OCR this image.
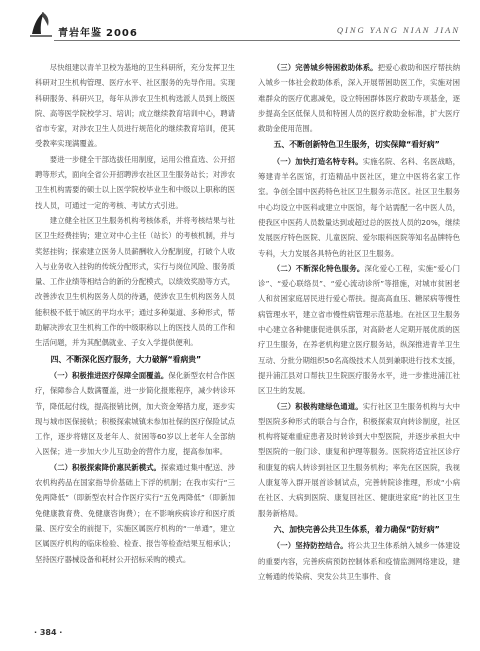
青岩年鉴 2006	QING YANG NIAN JIAN

尽快组建以青羊卫校为基地的卫生科研所，充分发挥卫生科研对卫生机构管理、医疗水平、社区服务的先导作用。实现科研服务、科研兴卫，每年从涉农卫生机构选派人员到上级医院、高等医学院校学习、培训；成立继续教育培训中心，聘请省市专家，对涉农卫生人员进行规范化的继续教育培训，使其受教率实现满覆盖。

要进一步健全干部选拔任用制度，运用公推直选、公开招聘等形式，面向全省公开招聘涉农社区卫生服务站长；对涉农卫生机构需要的硕士以上医学院校毕业生和中级以上职称的医技人员，可通过一定的考核、考试方式引进。

建立健全社区卫生服务机构考核体系，并将考核结果与社区卫生经费挂钩；建立对中心主任（站长）的考核机制，并与奖惩挂钩；探索建立医务人员薪酬收入分配制度，打破个人收入与业务收入挂钩的传统分配形式，实行与岗位风险、服务质量、工作业绩等相结合的新的分配模式，以绩效奖励等方式，改善涉农卫生机构医务人员的待遇，使涉农卫生机构医务人员能积极不低于城区的平均水平；通过多种渠道、多种形式，帮助解决涉农卫生机构工作的中级职称以上的医技人员的工作和生活问题，并为其配偶就业、子女入学提供便利。

四、不断深化医疗服务，大力破解“看病贵”

（一）积极推进医疗保障全面覆盖。保化新型农村合作医疗，保障参合人数满覆盖，进一步简化报账程序，减少转诊环节，降低起付线，提高报销比例，加大资金筹措力度，逐步实现与城市医保接轨；积极探索城镇未参加社保的医疗保险试点工作，逐步将辖区及老年人、贫困等60岁以上老年人全部纳入医保；进一步加大少儿互助金的营作力度，提高参加率。

（二）积极探索降价惠民新模式。探索通过集中配送、涉农机构药品在国家指导价基础上下浮的机制；在我市实行“三免两降低”（即新型农村合作医疗实行“五免两降低”（即新加免健康教育费、免健康咨询费）；在不影响疾病诊疗和医疗质量、医疗安全的前提下，实施区属医疗机构的“一单通”，建立区属医疗机构的临床检验、检查、报告等检查结果互相承认；坚持医疗器械设备和耗材公开招标采购的模式。

（三）完善城乡特困救助体系。把爱心救助和医疗帮扶纳入城乡一体社会救助体系，深入开展帮困助医工作，实施对困难群众的医疗优惠减免，设立特困群体医疗救助专项基金，逐步提高全区低保人员和特困人员的医疗救助金标准，扩大医疗救助金使用范围。

五、不断创新特色卫生服务，切实保障“看好病”

（一）加快打造名特专科。实施名院、名科、名医战略，筹建青羊名医馆，打造精品中医社区，建立中医将名家工作室。争创全国中医药特色社区卫生服务示范区。社区卫生服务中心均设立中医科或建立中医馆，每个站需配一名中医人员，使我区中医药人员数量达到或超过总的医技人员的20%，继续发展医疗特色医院、儿童医院、爱尔眼科医院等知名品牌特色专科，大力发展各具特色的社区卫生服务。

（二）不断深化特色服务。深化爱心工程，实施“爱心门诊”、“爱心联络员”、“爱心流动诊所”等措施，对城市贫困老人和贫困家庭居民进行爱心帮扶。提高高血压、糖尿病等慢性病管理水平，建立省市慢性病管理示范基地。在社区卫生服务中心建立各种健康促进俱乐部，对高龄老人定期开展优质的医疗卫生服务，在养老机构建立医疗服务站，纵深推进青羊卫生互动、分批分期组织50名高级技术人员到兼职进行技术支援，提升浦江县对口帮扶卫生院医疗服务水平，进一步推进浦江社区卫生的发展。

（三）积极构建绿色通道。实行社区卫生服务机构与大中型医院多种形式的联合与合作，积极探索双向转诊制度，社区机构将疑难重症患者及时转诊到大中型医院，并逐步承担大中型医院的一般门诊、康复和护理等服务。医院将适宜社区诊疗和康复的病人转诊到社区卫生服务机构；率先在区医院，我视人康复等入群开展首诊制试点，完善转院诊推理，形成“小病在社区、大病到医院、康复回社区、健康进家庭”的社区卫生服务新格局。

六、加快完善公共卫生体系，着力确保“防好病”

（一）坚持防控结合。将公共卫生体系纳入城乡一体建设的重要内容，完善疾病预防控制体系和疫情监测网络建设，建立畅通的传染病、突发公共卫生事件、食

· 384 ·
